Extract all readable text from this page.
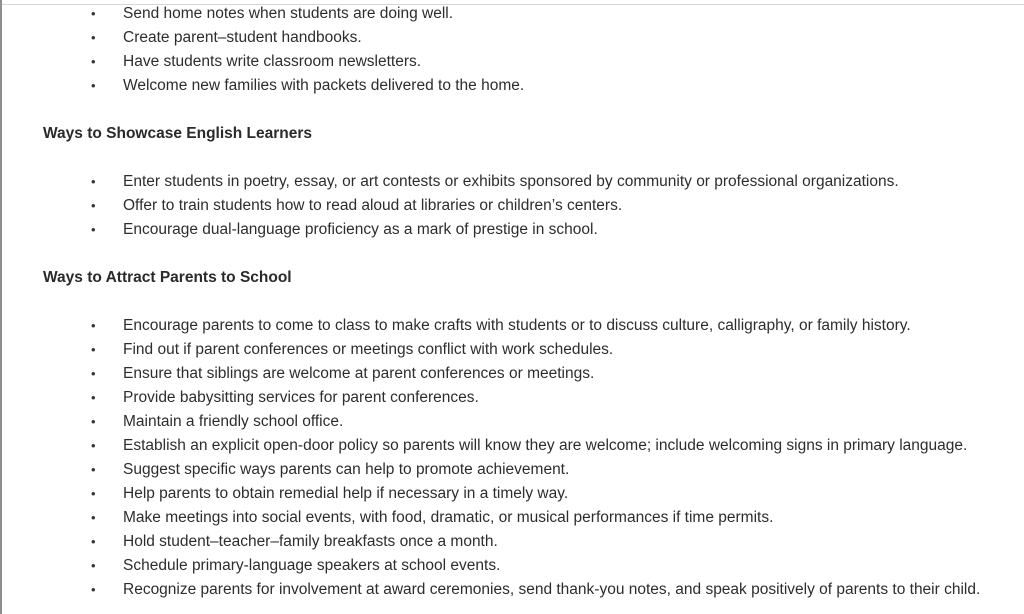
•	Send home notes when students are doing well.
•	Create parent–student handbooks.
•	Have students write classroom newsletters.
•	Welcome new families with packets delivered to the home.
Ways to Showcase English Learners
•	Enter students in poetry, essay, or art contests or exhibits sponsored by community or professional organizations.
•	Offer to train students how to read aloud at libraries or children’s centers.
•	Encourage dual-language proficiency as a mark of prestige in school.
Ways to Attract Parents to School
•	Encourage parents to come to class to make crafts with students or to discuss culture, calligraphy, or family history.
•	Find out if parent conferences or meetings conflict with work schedules.
•	Ensure that siblings are welcome at parent conferences or meetings.
•	Provide babysitting services for parent conferences.
•	Maintain a friendly school office.
•	Establish an explicit open-door policy so parents will know they are welcome; include welcoming signs in primary language.
•	Suggest specific ways parents can help to promote achievement.
•	Help parents to obtain remedial help if necessary in a timely way.
•	Make meetings into social events, with food, dramatic, or musical performances if time permits.
•	Hold student–teacher–family breakfasts once a month.
•	Schedule primary-language speakers at school events.
•	Recognize parents for involvement at award ceremonies, send thank-you notes, and speak positively of parents to their child.
